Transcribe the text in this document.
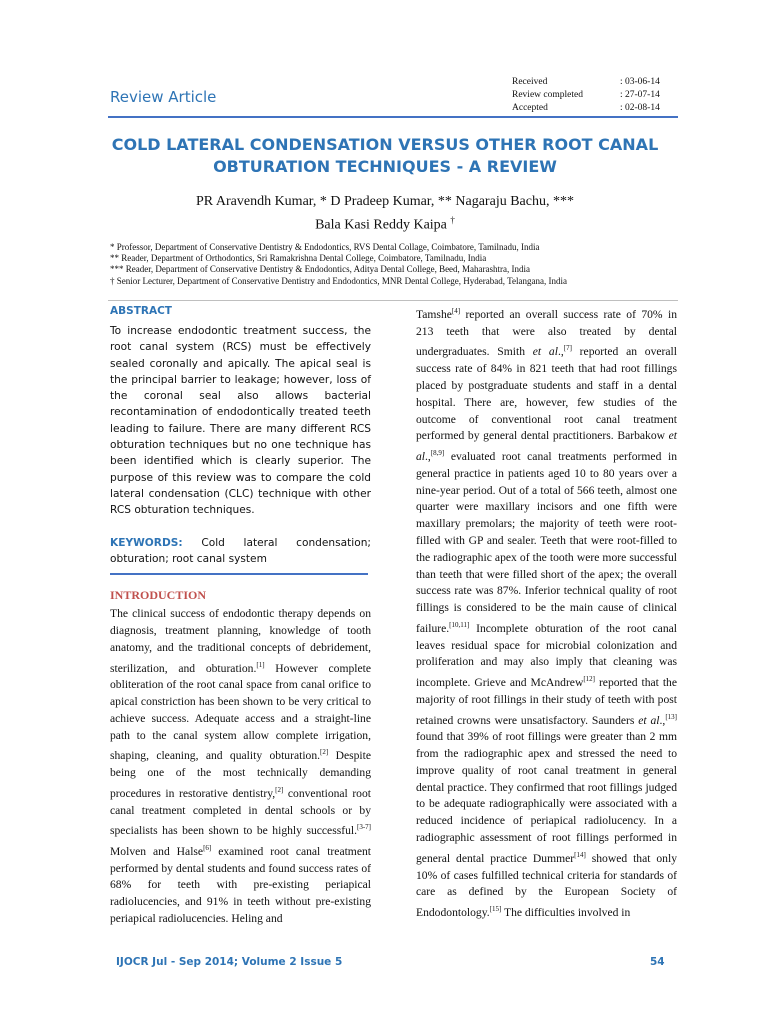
Review Article
Received	: 03-06-14
Review completed	: 27-07-14
Accepted	: 02-08-14
COLD LATERAL CONDENSATION VERSUS OTHER ROOT CANAL
OBTURATION TECHNIQUES - A REVIEW
PR Aravendh Kumar, * D Pradeep Kumar, ** Nagaraju Bachu, ***
Bala Kasi Reddy Kaipa †
* Professor, Department of Conservative Dentistry & Endodontics, RVS Dental Collage, Coimbatore, Tamilnadu, India
** Reader, Department of Orthodontics, Sri Ramakrishna Dental College, Coimbatore, Tamilnadu, India
*** Reader, Department of Conservative Dentistry & Endodontics, Aditya Dental College, Beed, Maharashtra, India
† Senior Lecturer, Department of Conservative Dentistry and Endodontics, MNR Dental College, Hyderabad, Telangana, India
ABSTRACT
To increase endodontic treatment success, the root canal system (RCS) must be effectively sealed coronally and apically. The apical seal is the principal barrier to leakage; however, loss of the coronal seal also allows bacterial recontamination of endodontically treated teeth leading to failure. There are many different RCS obturation techniques but no one technique has been identified which is clearly superior. The purpose of this review was to compare the cold lateral condensation (CLC) technique with other RCS obturation techniques.
KEYWORDS: Cold lateral condensation; obturation; root canal system
INTRODUCTION
The clinical success of endodontic therapy depends on diagnosis, treatment planning, knowledge of tooth anatomy, and the traditional concepts of debridement, sterilization, and obturation.[1] However complete obliteration of the root canal space from canal orifice to apical constriction has been shown to be very critical to achieve success. Adequate access and a straight-line path to the canal system allow complete irrigation, shaping, cleaning, and quality obturation.[2] Despite being one of the most technically demanding procedures in restorative dentistry,[2] conventional root canal treatment completed in dental schools or by specialists has been shown to be highly successful.[3-7] Molven and Halse[6] examined root canal treatment performed by dental students and found success rates of 68% for teeth with pre-existing periapical radiolucencies, and 91% in teeth without pre-existing periapical radiolucencies. Heling and
Tamshe[4] reported an overall success rate of 70% in 213 teeth that were also treated by dental undergraduates. Smith et al.,[7] reported an overall success rate of 84% in 821 teeth that had root fillings placed by postgraduate students and staff in a dental hospital. There are, however, few studies of the outcome of conventional root canal treatment performed by general dental practitioners. Barbakow et al.,[8,9] evaluated root canal treatments performed in general practice in patients aged 10 to 80 years over a nine-year period. Out of a total of 566 teeth, almost one quarter were maxillary incisors and one fifth were maxillary premolars; the majority of teeth were root-filled with GP and sealer. Teeth that were root-filled to the radiographic apex of the tooth were more successful than teeth that were filled short of the apex; the overall success rate was 87%. Inferior technical quality of root fillings is considered to be the main cause of clinical failure.[10,11] Incomplete obturation of the root canal leaves residual space for microbial colonization and proliferation and may also imply that cleaning was incomplete. Grieve and McAndrew[12] reported that the majority of root fillings in their study of teeth with post retained crowns were unsatisfactory. Saunders et al.,[13] found that 39% of root fillings were greater than 2 mm from the radiographic apex and stressed the need to improve quality of root canal treatment in general dental practice. They confirmed that root fillings judged to be adequate radiographically were associated with a reduced incidence of periapical radiolucency. In a radiographic assessment of root fillings performed in general dental practice Dummer[14] showed that only 10% of cases fulfilled technical criteria for standards of care as defined by the European Society of Endodontology.[15] The difficulties involved in
IJOCR Jul - Sep 2014; Volume 2 Issue 5	54
